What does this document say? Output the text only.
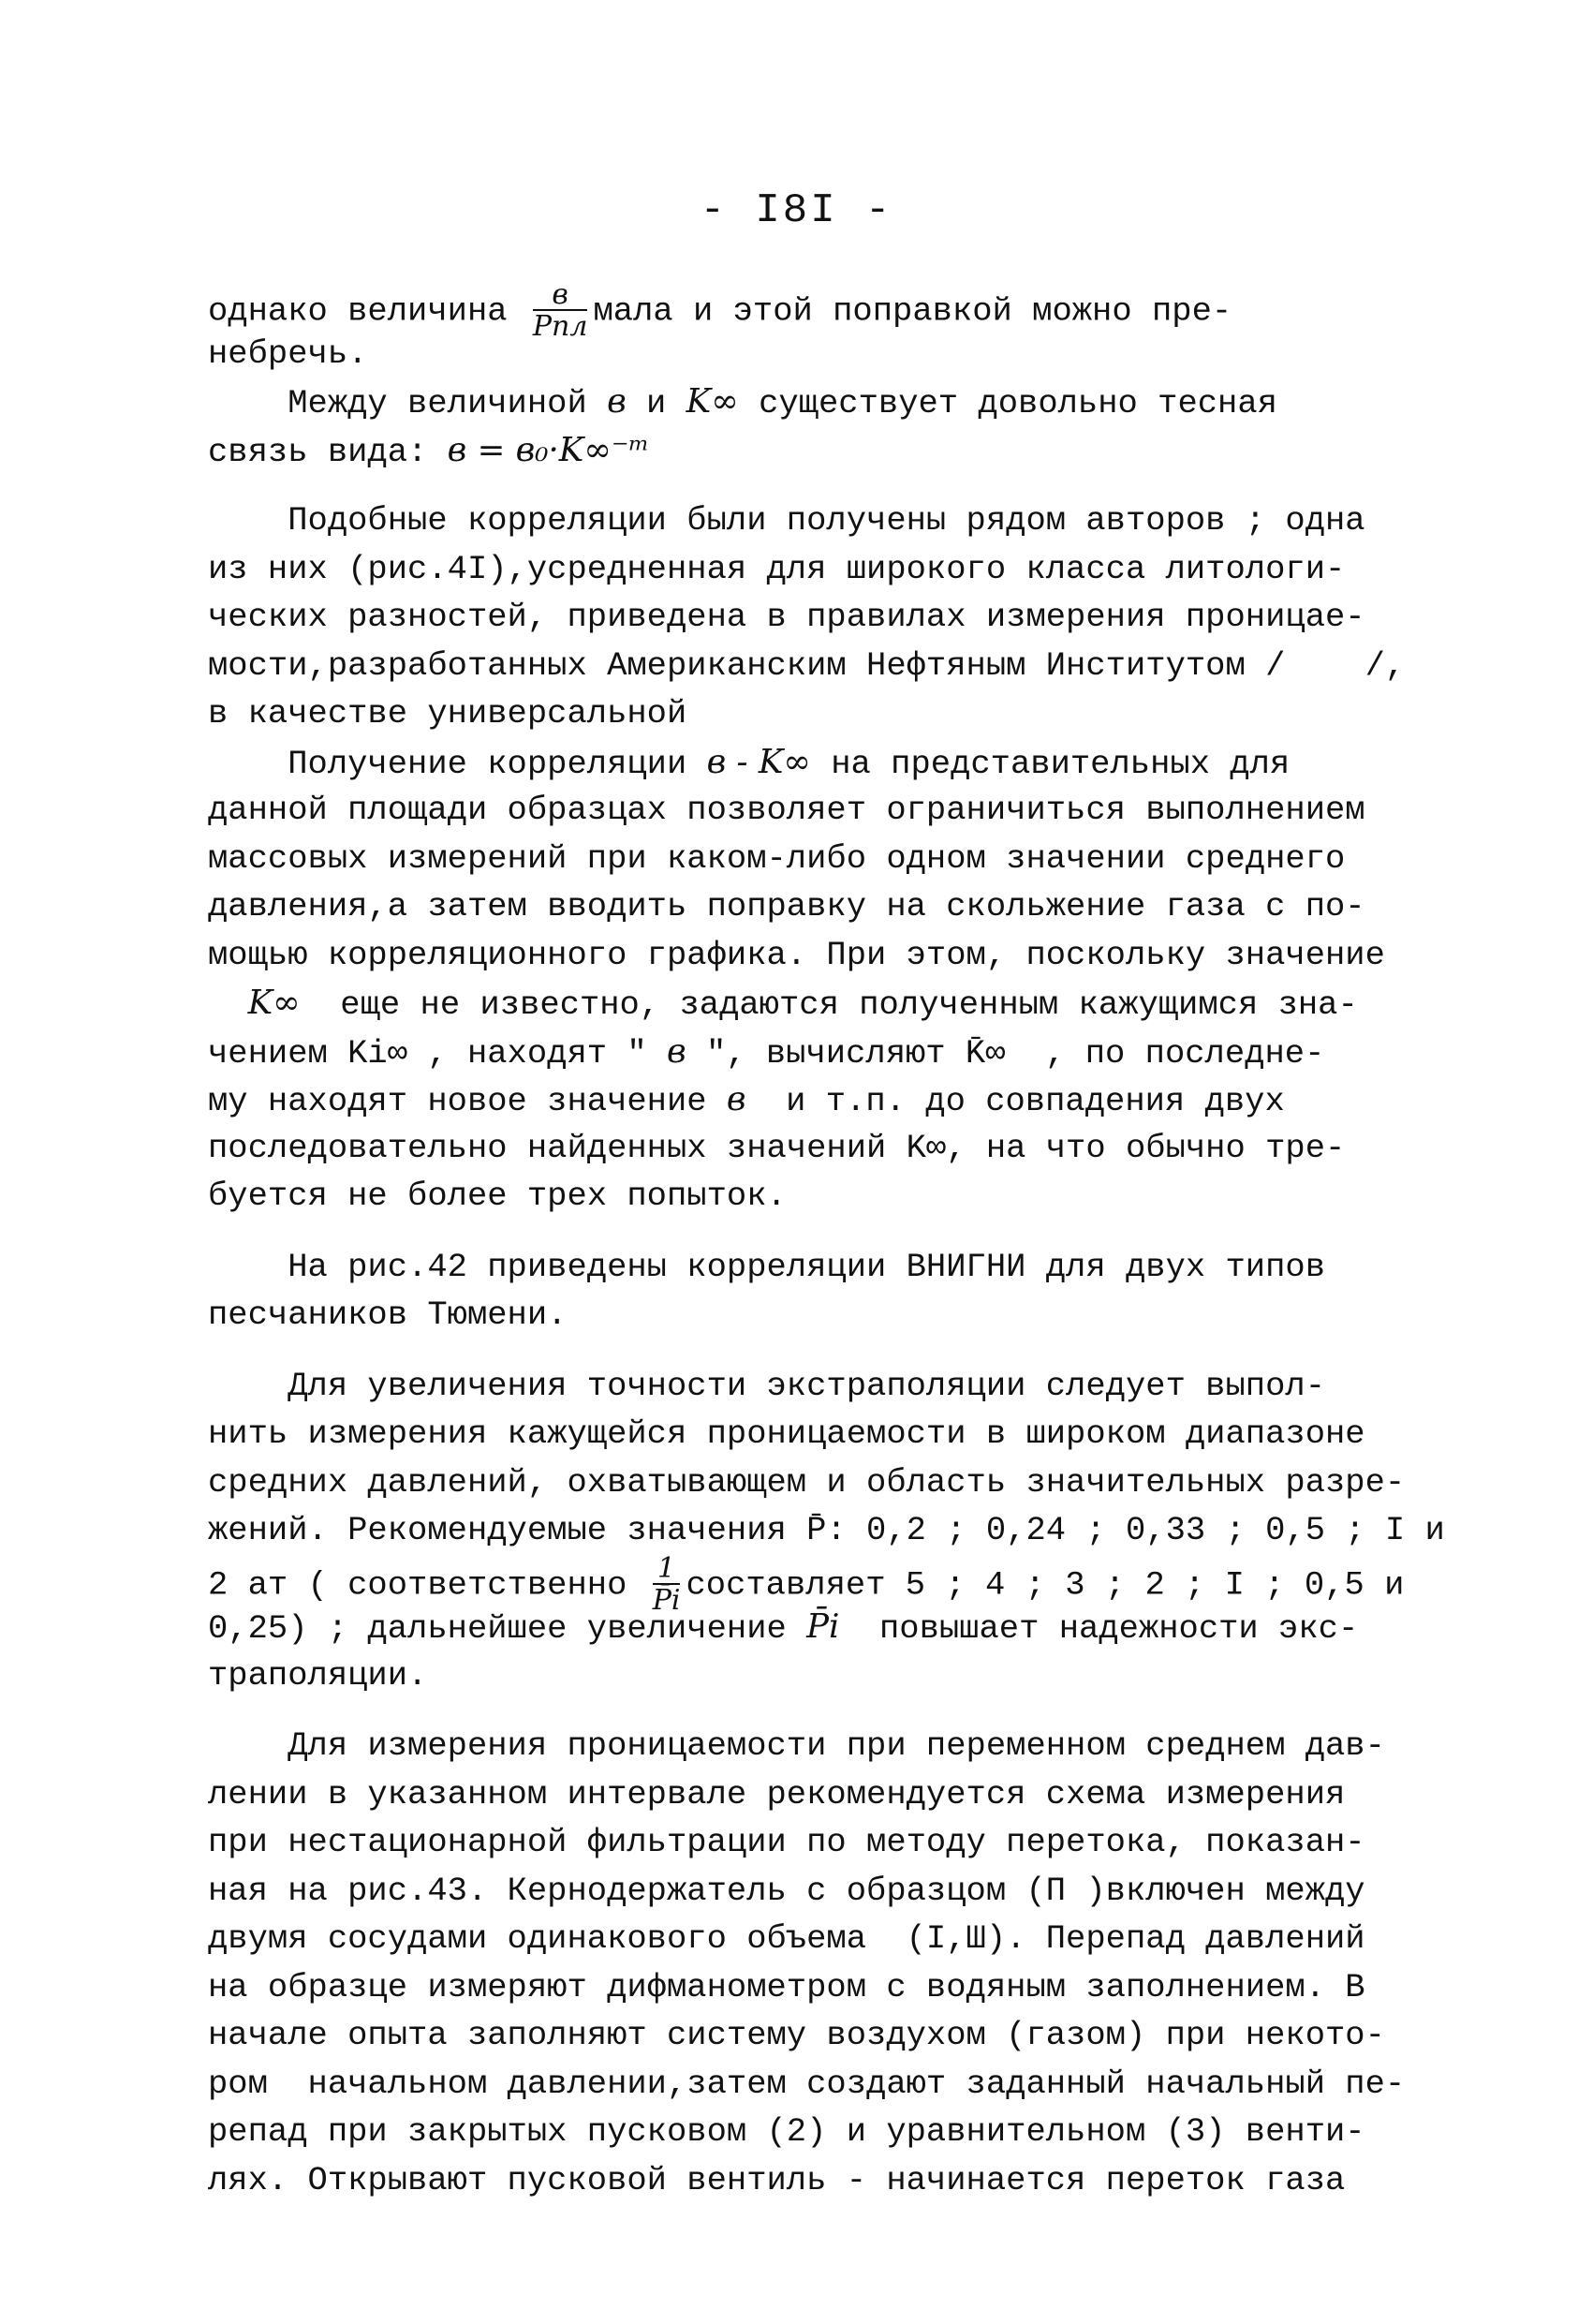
- I8I -
однако величина $\frac{в}{\text{Pпл}}$ мала и этой поправкой можно пре-
небречь.
Между величиной в и K∞ существует довольно тесная
связь вида: в = в₀·K∞⁻ᵐ
Подобные корреляции были получены рядом авторов ; одна
из них (рис.4I),усредненная для широкого класса литологи-
ческих разностей, приведена в правилах измерения проницае-
мости,разработанных Американским Нефтяным Институтом /    /,
в качестве универсальной
Получение корреляции в - K∞ на представительных для
данной площади образцах позволяет ограничиться выполнением
массовых измерений при каком-либо одном значении среднего
давления,а затем вводить поправку на скольжение газа с по-
мощью корреляционного графика. При этом, поскольку значение
K∞  еще не известно, задаются полученным кажущимся зна-
чением Ki∞ , находят " в ", вычисляют K̄∞  , по последне-
му находят новое значение в  и т.п. до совпадения двух
последовательно найденных значений K∞, на что обычно тре-
буется не более трех попыток.
На рис.42 приведены корреляции ВНИГНИ для двух типов
песчаников Тюмени.
Для увеличения точности экстраполяции следует выпол-
нить измерения кажущейся проницаемости в широком диапазоне
средних давлений, охватывающем и область значительных разре-
жений. Рекомендуемые значения P̄: 0,2 ; 0,24 ; 0,33 ; 0,5 ; I и
2 ат ( соответственно $\frac{1}{P̄i}$ составляет 5 ; 4 ; 3 ; 2 ; I ; 0,5 и
0,25) ; дальнейшее увеличение P̄i  повышает надежности экс-
траполяции.
Для измерения проницаемости при переменном среднем дав-
лении в указанном интервале рекомендуется схема измерения
при нестационарной фильтрации по методу перетока, показан-
ная на рис.43. Кернодержатель с образцом (П )включен между
двумя сосудами одинакового объема  (I,Ш). Перепад давлений
на образце измеряют дифманометром с водяным заполнением. В
начале опыта заполняют систему воздухом (газом) при некото-
ром  начальном давлении,затем создают заданный начальный пе-
репад при закрытых пусковом (2) и уравнительном (3) венти-
лях. Открывают пусковой вентиль - начинается переток газа
